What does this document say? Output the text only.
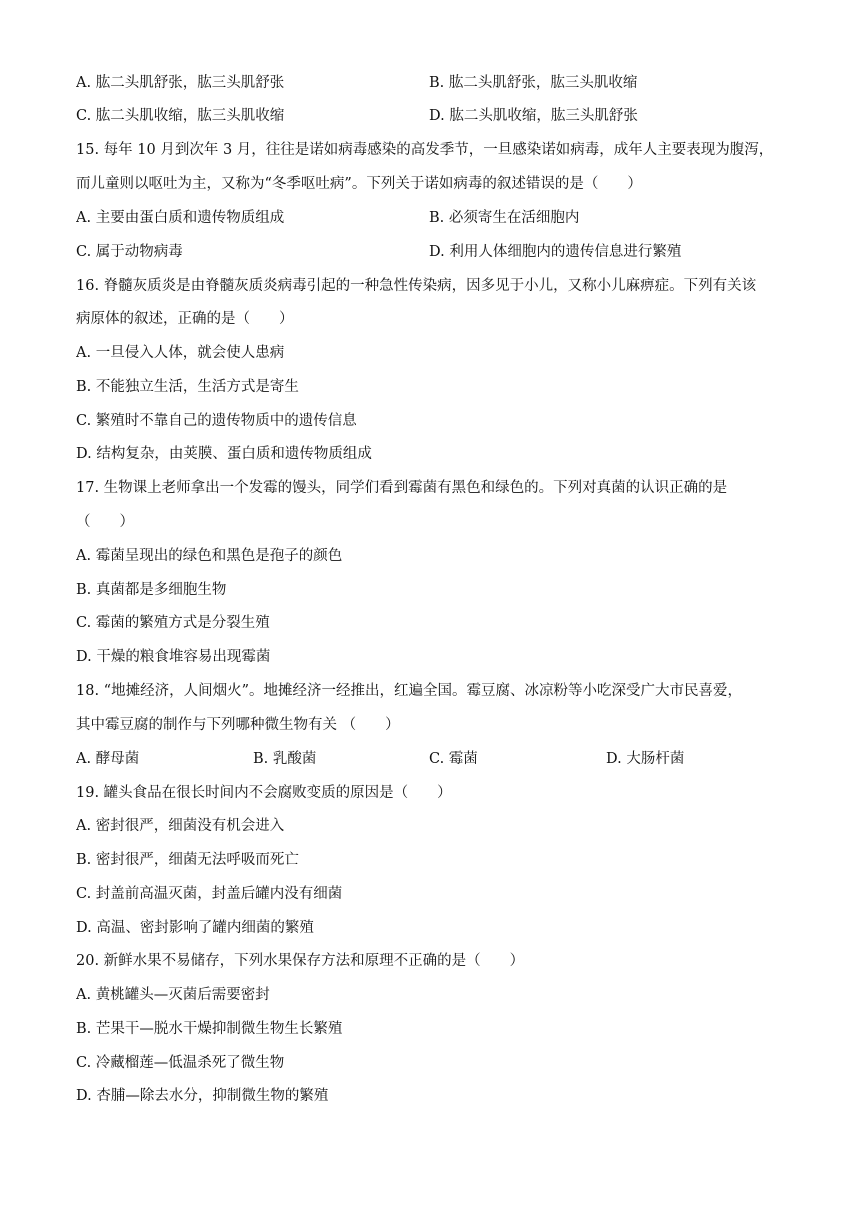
A. 肱二头肌舒张，肱三头肌舒张	B. 肱二头肌舒张，肱三头肌收缩
C. 肱二头肌收缩，肱三头肌收缩	D. 肱二头肌收缩，肱三头肌舒张
15. 每年 10 月到次年 3 月，往往是诺如病毒感染的高发季节，一旦感染诺如病毒，成年人主要表现为腹泻，
而儿童则以呕吐为主，又称为“冬季呕吐病”。下列关于诺如病毒的叙述错误的是（　　）
A. 主要由蛋白质和遗传物质组成	B. 必须寄生在活细胞内
C. 属于动物病毒	D. 利用人体细胞内的遗传信息进行繁殖
16. 脊髓灰质炎是由脊髓灰质炎病毒引起的一种急性传染病，因多见于小儿，又称小儿麻痹症。下列有关该
病原体的叙述，正确的是（　　）
A. 一旦侵入人体，就会使人患病
B. 不能独立生活，生活方式是寄生
C. 繁殖时不靠自己的遗传物质中的遗传信息
D. 结构复杂，由荚膜、蛋白质和遗传物质组成
17. 生物课上老师拿出一个发霉的馒头，同学们看到霉菌有黑色和绿色的。下列对真菌的认识正确的是
（　　）
A. 霉菌呈现出的绿色和黑色是孢子的颜色
B. 真菌都是多细胞生物
C. 霉菌的繁殖方式是分裂生殖
D. 干燥的粮食堆容易出现霉菌
18. “地摊经济，人间烟火”。地摊经济一经推出，红遍全国。霉豆腐、冰凉粉等小吃深受广大市民喜爱，
其中霉豆腐的制作与下列哪种微生物有关 （　　）
A. 酵母菌	B. 乳酸菌	C. 霉菌	D. 大肠杆菌
19. 罐头食品在很长时间内不会腐败变质的原因是（　　）
A. 密封很严，细菌没有机会进入
B. 密封很严，细菌无法呼吸而死亡
C. 封盖前高温灭菌，封盖后罐内没有细菌
D. 高温、密封影响了罐内细菌的繁殖
20. 新鲜水果不易储存，下列水果保存方法和原理不正确的是（　　）
A. 黄桃罐头—灭菌后需要密封
B. 芒果干—脱水干燥抑制微生物生长繁殖
C. 冷藏榴莲—低温杀死了微生物
D. 杏脯—除去水分，抑制微生物的繁殖
